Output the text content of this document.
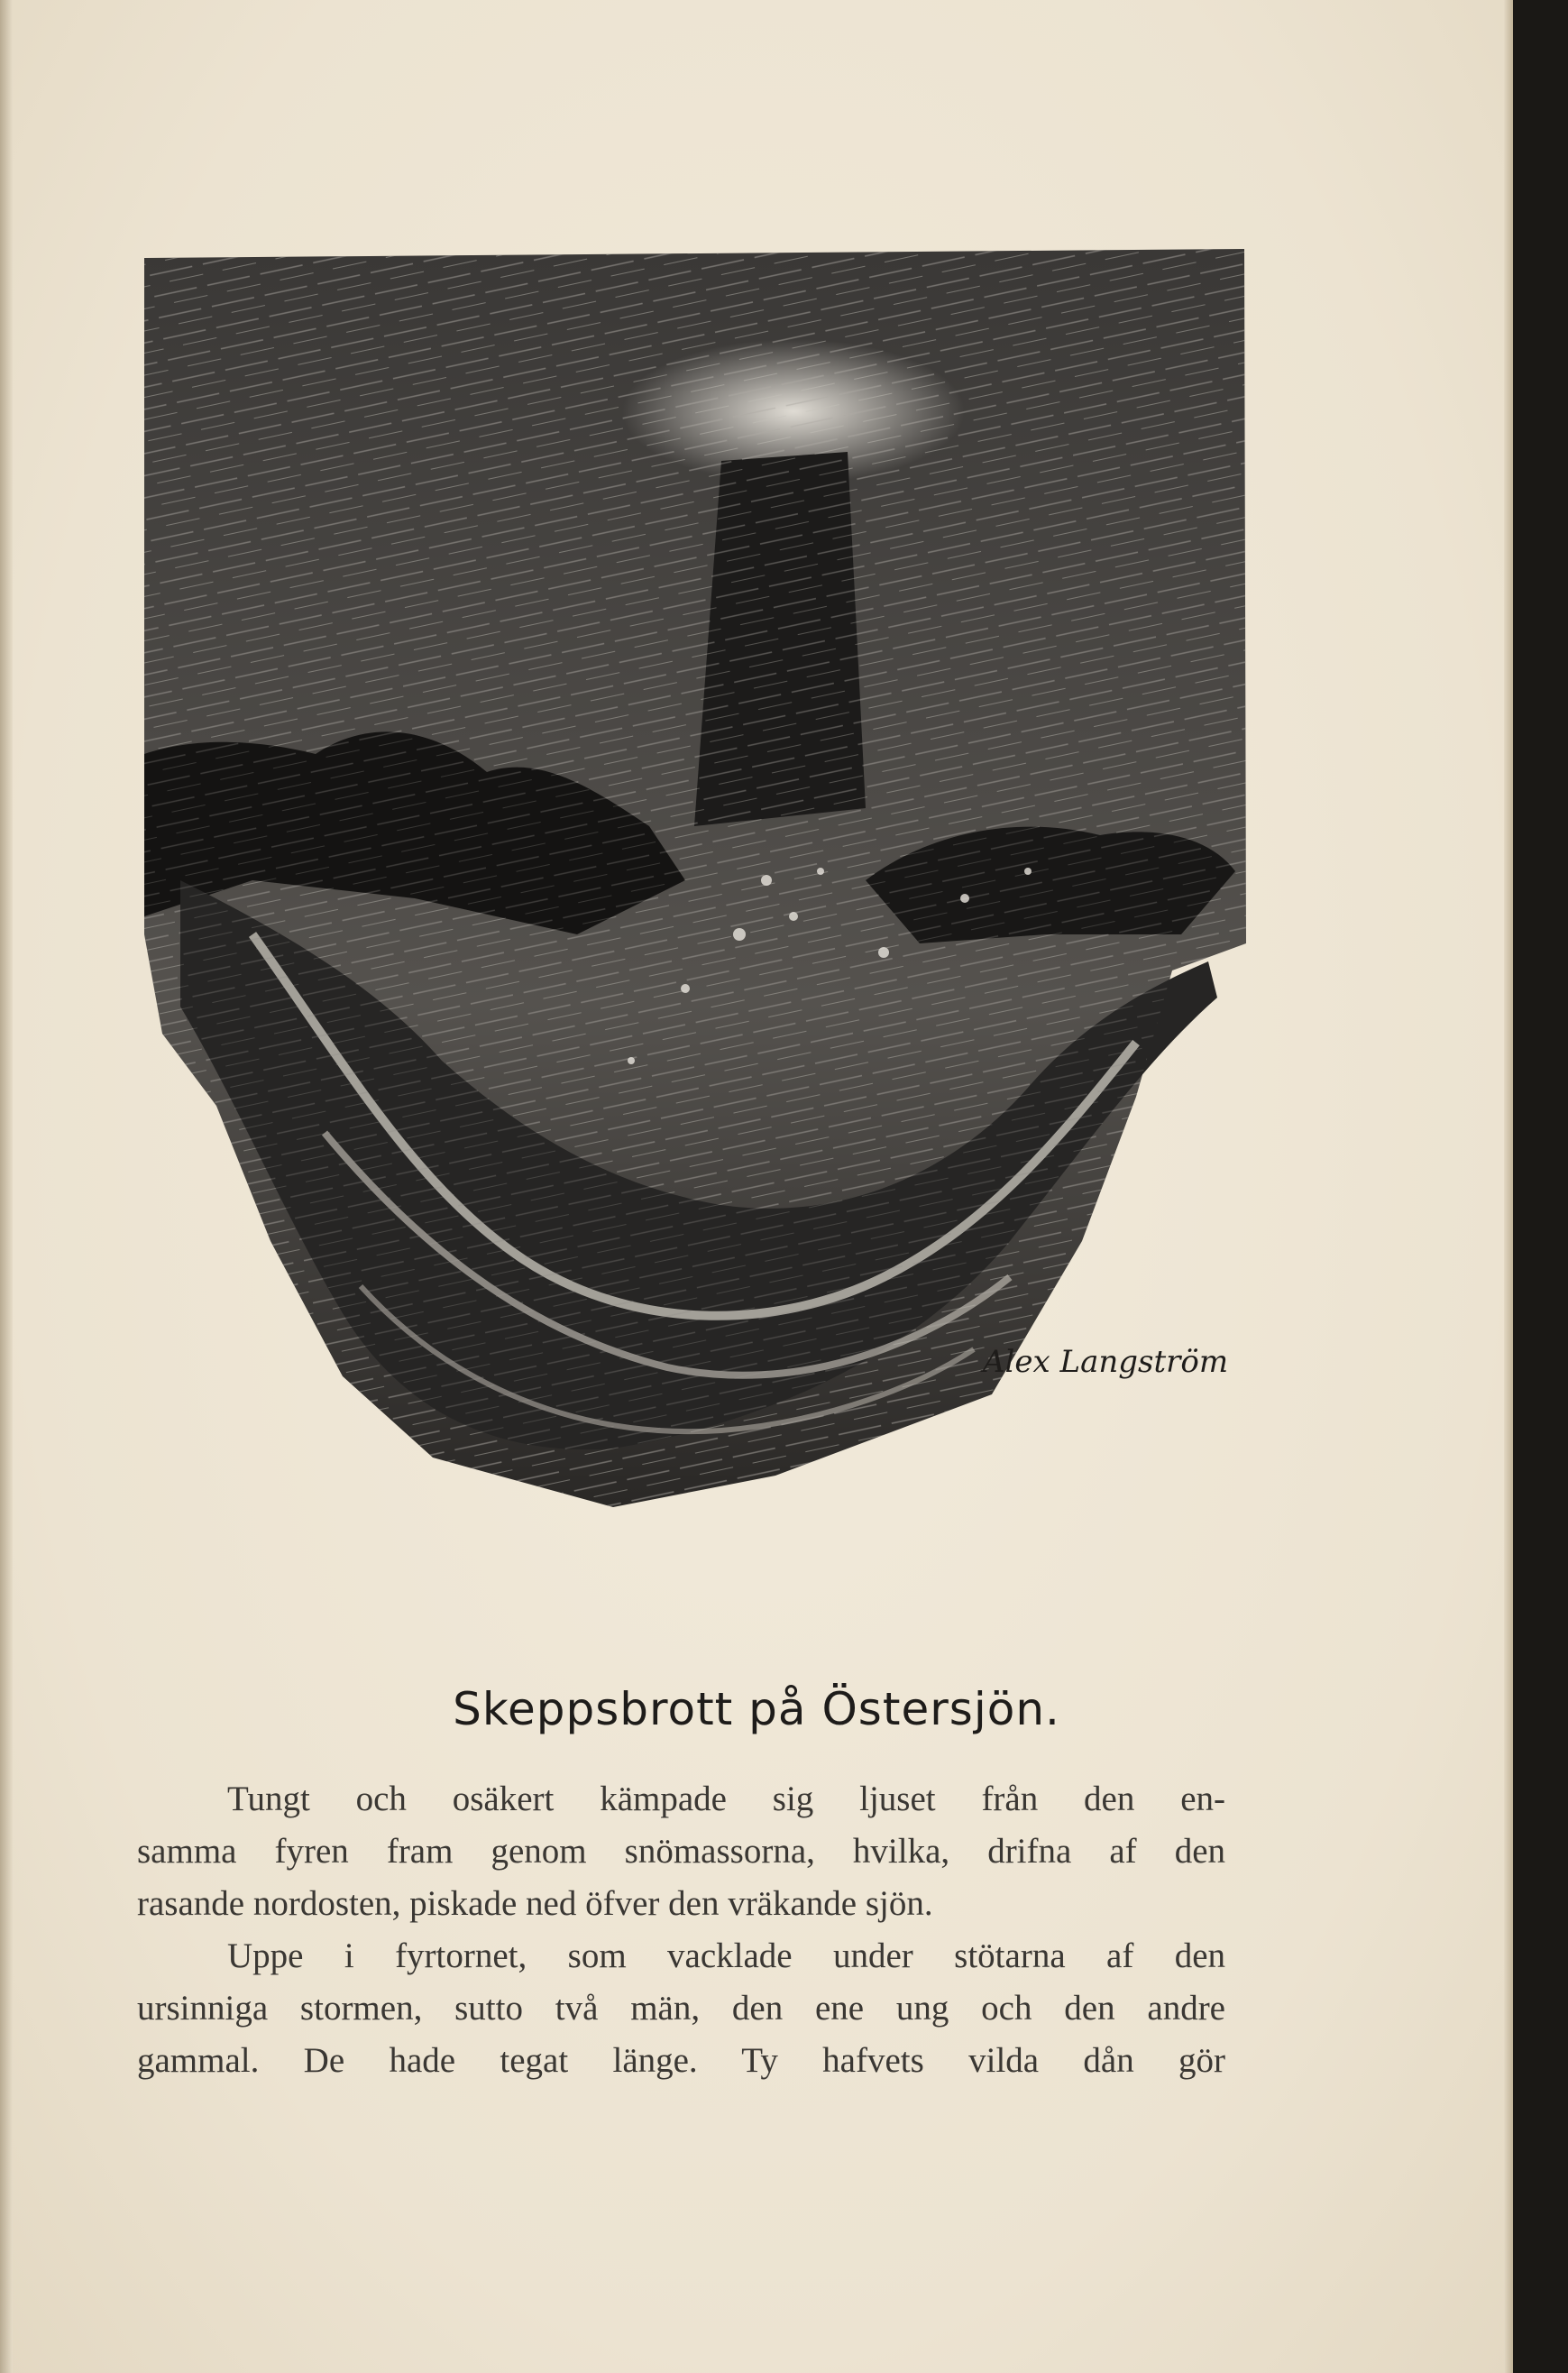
Alex Langström
Skeppsbrott på Östersjön.
Tungt och osäkert kämpade sig ljuset från den en-
samma fyren fram genom snömassorna, hvilka, drifna af den
rasande nordosten, piskade ned öfver den vräkande sjön.
Uppe i fyrtornet, som vacklade under stötarna af den
ursinniga stormen, sutto två män, den ene ung och den andre
gammal. De hade tegat länge. Ty hafvets vilda dån gör
